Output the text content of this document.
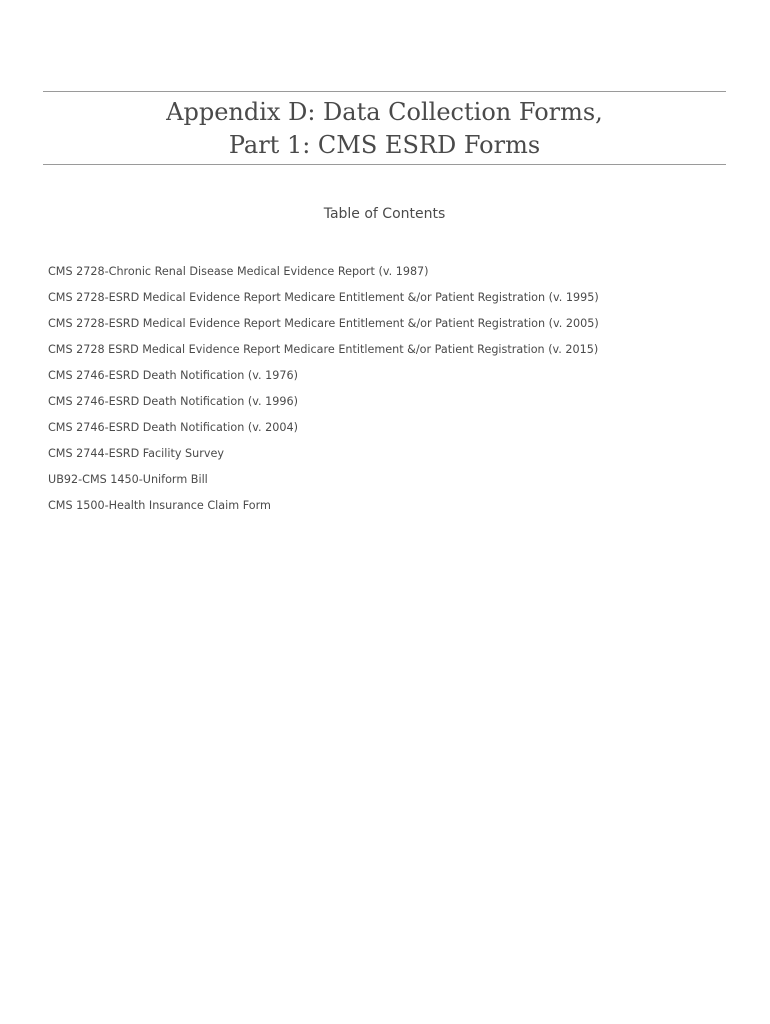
Appendix D: Data Collection Forms,
Part 1: CMS ESRD Forms
Table of Contents
CMS 2728-Chronic Renal Disease Medical Evidence Report (v. 1987)
CMS 2728-ESRD Medical Evidence Report Medicare Entitlement &/or Patient Registration (v. 1995)
CMS 2728-ESRD Medical Evidence Report Medicare Entitlement &/or Patient Registration (v. 2005)
CMS 2728 ESRD Medical Evidence Report Medicare Entitlement &/or Patient Registration (v. 2015)
CMS 2746-ESRD Death Notification (v. 1976)
CMS 2746-ESRD Death Notification (v. 1996)
CMS 2746-ESRD Death Notification (v. 2004)
CMS 2744-ESRD Facility Survey
UB92-CMS 1450-Uniform Bill
CMS 1500-Health Insurance Claim Form
